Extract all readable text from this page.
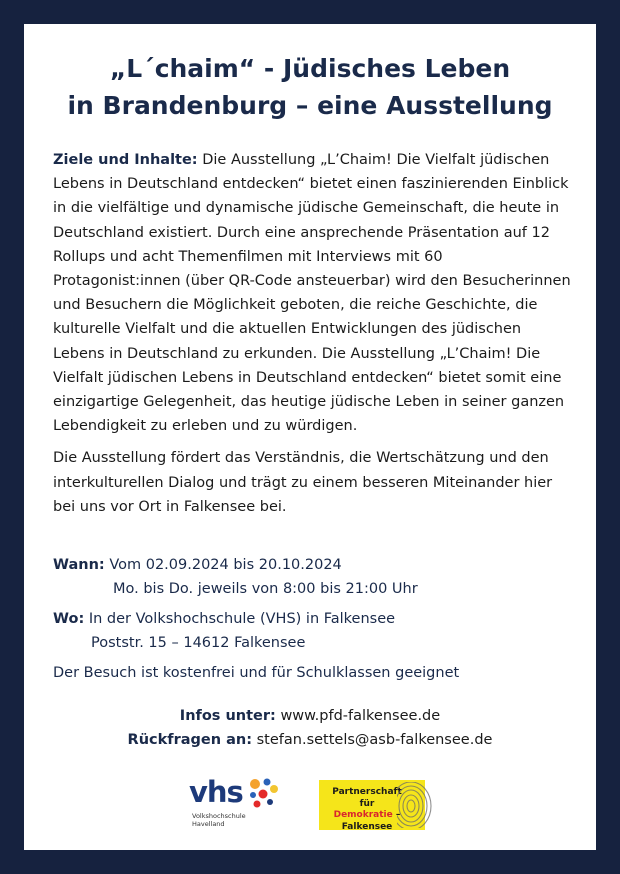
„L´chaim“ - Jüdisches Leben
in Brandenburg – eine Ausstellung

Ziele und Inhalte: Die Ausstellung „L’Chaim! Die Vielfalt jüdischen Lebens in Deutschland entdecken“ bietet einen faszinierenden Einblick in die vielfältige und dynamische jüdische Gemeinschaft, die heute in Deutschland existiert. Durch eine ansprechende Präsentation auf 12 Rollups und acht Themenfilmen mit Interviews mit 60 Protagonist:innen (über QR-Code ansteuerbar) wird den Besucherinnen und Besuchern die Möglichkeit geboten, die reiche Geschichte, die kulturelle Vielfalt und die aktuellen Entwicklungen des jüdischen Lebens in Deutschland zu erkunden. Die Ausstellung „L’Chaim! Die Vielfalt jüdischen Lebens in Deutschland entdecken“ bietet somit eine einzigartige Gelegenheit, das heutige jüdische Leben in seiner ganzen Lebendigkeit zu erleben und zu würdigen.

Die Ausstellung fördert das Verständnis, die Wertschätzung und den interkulturellen Dialog und trägt zu einem besseren Miteinander hier bei uns vor Ort in Falkensee bei.

Wann: Vom 02.09.2024 bis 20.10.2024
Mo. bis Do. jeweils von 8:00 bis 21:00 Uhr
Wo: In der Volkshochschule (VHS) in Falkensee
Poststr. 15 – 14612 Falkensee
Der Besuch ist kostenfrei und für Schulklassen geeignet
Infos unter: www.pfd-falkensee.de
Rückfragen an: stefan.settels@asb-falkensee.de
vhs
Volkshochschule
Havelland
Partnerschaft
für Demokratie –
Falkensee
